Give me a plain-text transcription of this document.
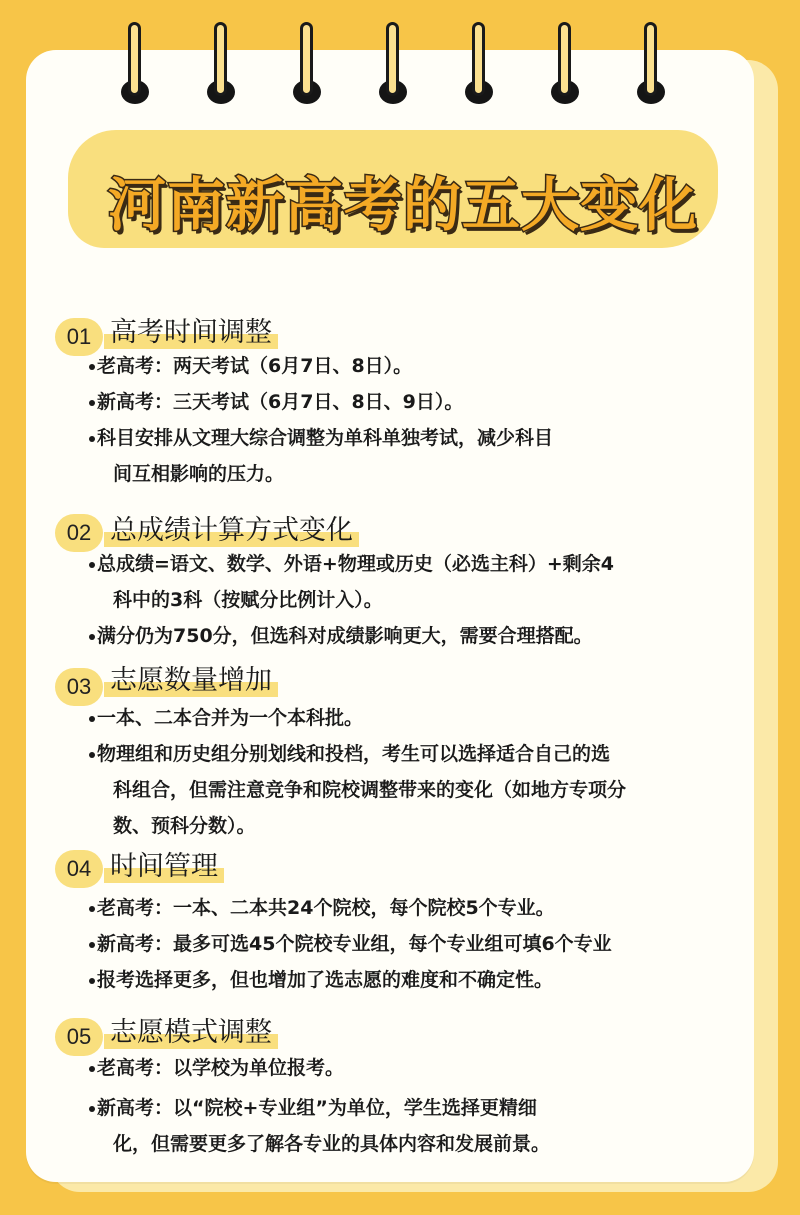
河南新高考的五大变化
01 高考时间调整
老高考：两天考试（6月7日、8日）。
新高考：三天考试（6月7日、8日、9日）。
科目安排从文理大综合调整为单科单独考试，减少科目
间互相影响的压力。
02 总成绩计算方式变化
总成绩=语文、数学、外语+物理或历史（必选主科）+剩余4
科中的3科（按赋分比例计入）。
满分仍为750分，但选科对成绩影响更大，需要合理搭配。
03 志愿数量增加
一本、二本合并为一个本科批。
物理组和历史组分别划线和投档，考生可以选择适合自己的选
科组合，但需注意竞争和院校调整带来的变化（如地方专项分
数、预科分数）。
04 时间管理
老高考：一本、二本共24个院校，每个院校5个专业。
新高考：最多可选45个院校专业组，每个专业组可填6个专业
报考选择更多，但也增加了选志愿的难度和不确定性。
05 志愿模式调整
老高考：以学校为单位报考。
新高考：以“院校+专业组”为单位，学生选择更精细
化，但需要更多了解各专业的具体内容和发展前景。
